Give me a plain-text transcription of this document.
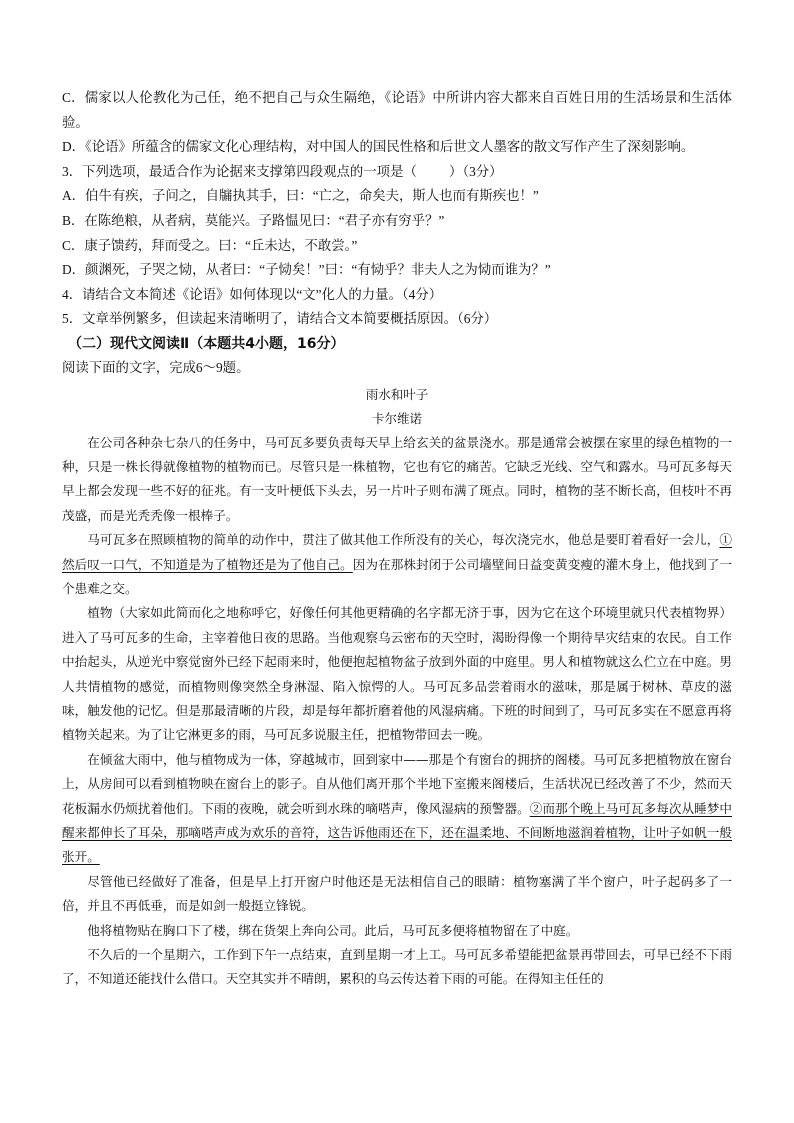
C．儒家以人伦教化为己任，绝不把自己与众生隔绝，《论语》中所讲内容大都来自百姓日用的生活场景和生活体验。

D．《论语》所蕴含的儒家文化心理结构，对中国人的国民性格和后世文人墨客的散文写作产生了深刻影响。

3．下列选项，最适合作为论据来支撑第四段观点的一项是（ ）（3分）

A．伯牛有疾，子问之，自牖执其手，曰：“亡之，命矣夫，斯人也而有斯疾也！”

B．在陈绝粮，从者病，莫能兴。子路愠见曰：“君子亦有穷乎？”

C．康子馈药，拜而受之。曰：“丘未达，不敢尝。”

D．颜渊死，子哭之恸，从者曰：“子恸矣！”曰：“有恸乎？非夫人之为恸而谁为？”

4．请结合文本简述《论语》如何体现以“文”化人的力量。（4分）

5．文章举例繁多，但读起来清晰明了，请结合文本简要概括原因。（6分）

（二）现代文阅读Ⅱ（本题共4小题，16分）

阅读下面的文字，完成6～9题。

雨水和叶子

卡尔维诺

在公司各种杂七杂八的任务中，马可瓦多要负责每天早上给玄关的盆景浇水。那是通常会被摆在家里的绿色植物的一种，只是一株长得就像植物的植物而已。尽管只是一株植物，它也有它的痛苦。它缺乏光线、空气和露水。马可瓦多每天早上都会发现一些不好的征兆。有一支叶梗低下头去，另一片叶子则布满了斑点。同时，植物的茎不断长高，但枝叶不再茂盛，而是光秃秃像一根棒子。

马可瓦多在照顾植物的简单的动作中，贯注了做其他工作所没有的关心，每次浇完水，他总是要盯着看好一会儿，①然后叹一口气，不知道是为了植物还是为了他自己。因为在那株封闭于公司墙壁间日益变黄变瘦的灌木身上，他找到了一个患难之交。

植物（大家如此简而化之地称呼它，好像任何其他更精确的名字都无济于事，因为它在这个环境里就只代表植物界）进入了马可瓦多的生命，主宰着他日夜的思路。当他观察乌云密布的天空时，渴盼得像一个期待旱灾结束的农民。自工作中抬起头，从逆光中察觉窗外已经下起雨来时，他便抱起植物盆子放到外面的中庭里。男人和植物就这么伫立在中庭。男人共情植物的感觉，而植物则像突然全身淋湿、陷入惊愕的人。马可瓦多品尝着雨水的滋味，那是属于树林、草皮的滋味，触发他的记忆。但是那最清晰的片段，却是每年都折磨着他的风湿病痛。下班的时间到了，马可瓦多实在不愿意再将植物关起来。为了让它淋更多的雨，马可瓦多说服主任，把植物带回去一晚。

在倾盆大雨中，他与植物成为一体，穿越城市，回到家中——那是个有窗台的拥挤的阁楼。马可瓦多把植物放在窗台上，从房间可以看到植物映在窗台上的影子。自从他们离开那个半地下室搬来阁楼后，生活状况已经改善了不少，然而天花板漏水仍烦扰着他们。下雨的夜晚，就会听到水珠的嘀嗒声，像风湿病的预警器。②而那个晚上马可瓦多每次从睡梦中醒来都伸长了耳朵，那嘀嗒声成为欢乐的音符，这告诉他雨还在下，还在温柔地、不间断地滋润着植物，让叶子如帆一般张开。

尽管他已经做好了准备，但是早上打开窗户时他还是无法相信自己的眼睛：植物塞满了半个窗户，叶子起码多了一倍，并且不再低垂，而是如剑一般挺立锋锐。

他将植物贴在胸口下了楼，绑在货架上奔向公司。此后，马可瓦多便将植物留在了中庭。

不久后的一个星期六，工作到下午一点结束，直到星期一才上工。马可瓦多希望能把盆景再带回去，可早已经不下雨了，不知道还能找什么借口。天空其实并不晴朗，累积的乌云传达着下雨的可能。在得知主任任的
